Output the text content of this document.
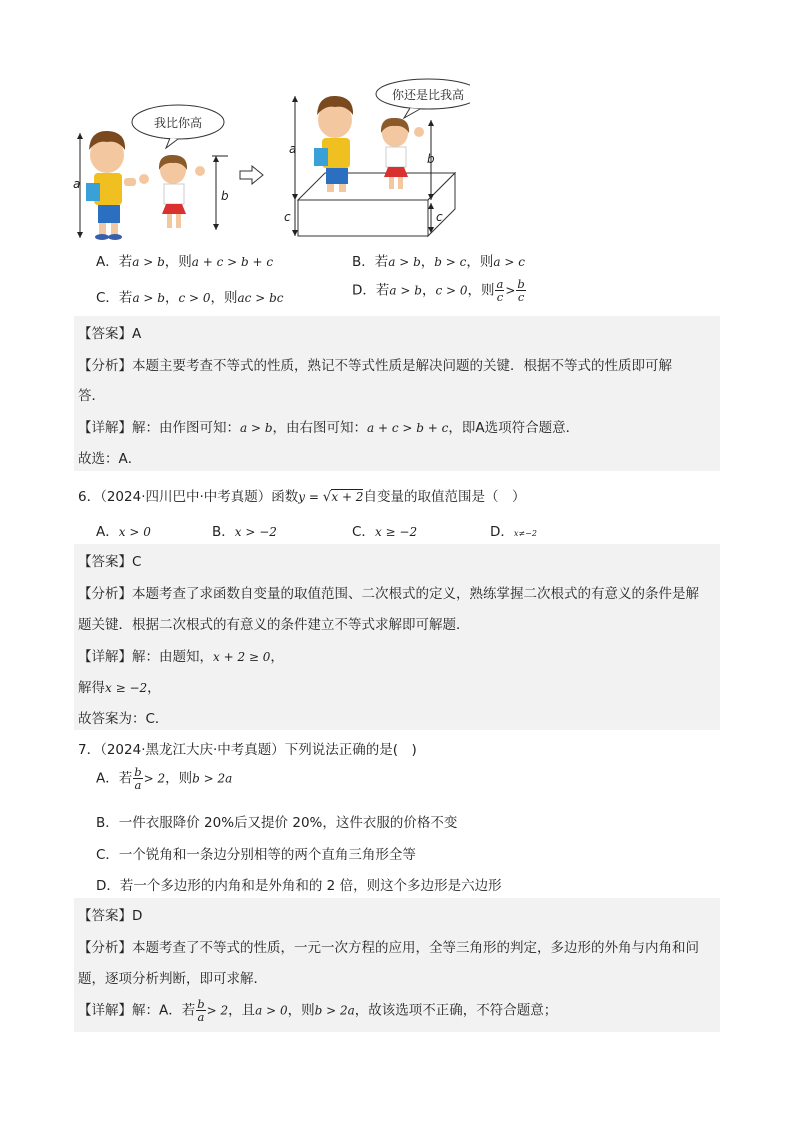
我比你高
a
b
你还是比我高
a
c
b
c
A．若a > b，则a + c > b + c	B．若a > b，b > c，则a > c
C．若a > b，c > 0，则ac > bc	D．若a > b，c > 0，则 $\frac{a}{c} > \frac{b}{c}$
【答案】A
【分析】本题主要考查不等式的性质，熟记不等式性质是解决问题的关键．根据不等式的性质即可解
答．
【详解】解：由作图可知：a > b，由右图可知：a + c > b + c，即A选项符合题意．
故选：A．
6．（2024·四川巴中·中考真题）函数y = √x + 2自变量的取值范围是（　）
A．x > 0	B．x > −2	C．x ≥ −2	D．x≠−2
【答案】C
【分析】本题考查了求函数自变量的取值范围、二次根式的定义，熟练掌握二次根式的有意义的条件是解
题关键．根据二次根式的有意义的条件建立不等式求解即可解题．
【详解】解：由题知，x + 2 ≥ 0，
解得x ≥ −2，
故答案为：C．
7．（2024·黑龙江大庆·中考真题）下列说法正确的是(　)
A．若 $\frac{b}{a} > 2$，则b > 2a
B．一件衣服降价 20%后又提价 20%，这件衣服的价格不变
C．一个锐角和一条边分别相等的两个直角三角形全等
D．若一个多边形的内角和是外角和的 2 倍，则这个多边形是六边形
【答案】D
【分析】本题考查了不等式的性质，一元一次方程的应用，全等三角形的判定，多边形的外角与内角和问
题，逐项分析判断，即可求解．
【详解】解：A．若 $\frac{b}{a} > 2$，且a > 0，则b > 2a，故该选项不正确，不符合题意；
